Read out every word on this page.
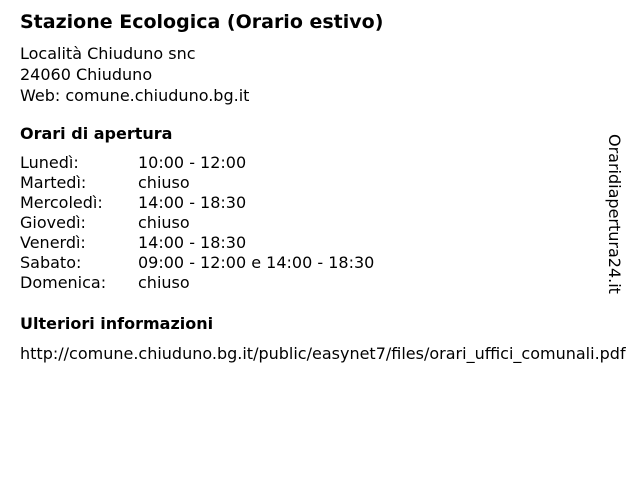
Stazione Ecologica (Orario estivo)
Località Chiuduno snc
24060 Chiuduno
Web: comune.chiuduno.bg.it
Orari di apertura
Lunedì:	10:00 - 12:00
Martedì:	chiuso
Mercoledì:	14:00 - 18:30
Giovedì:	chiuso
Venerdì:	14:00 - 18:30
Sabato:	09:00 - 12:00 e 14:00 - 18:30
Domenica:	chiuso
Ulteriori informazioni
http://comune.chiuduno.bg.it/public/easynet7/files/orari_uffici_comunali.pdf
Oraridiapertura24.it
